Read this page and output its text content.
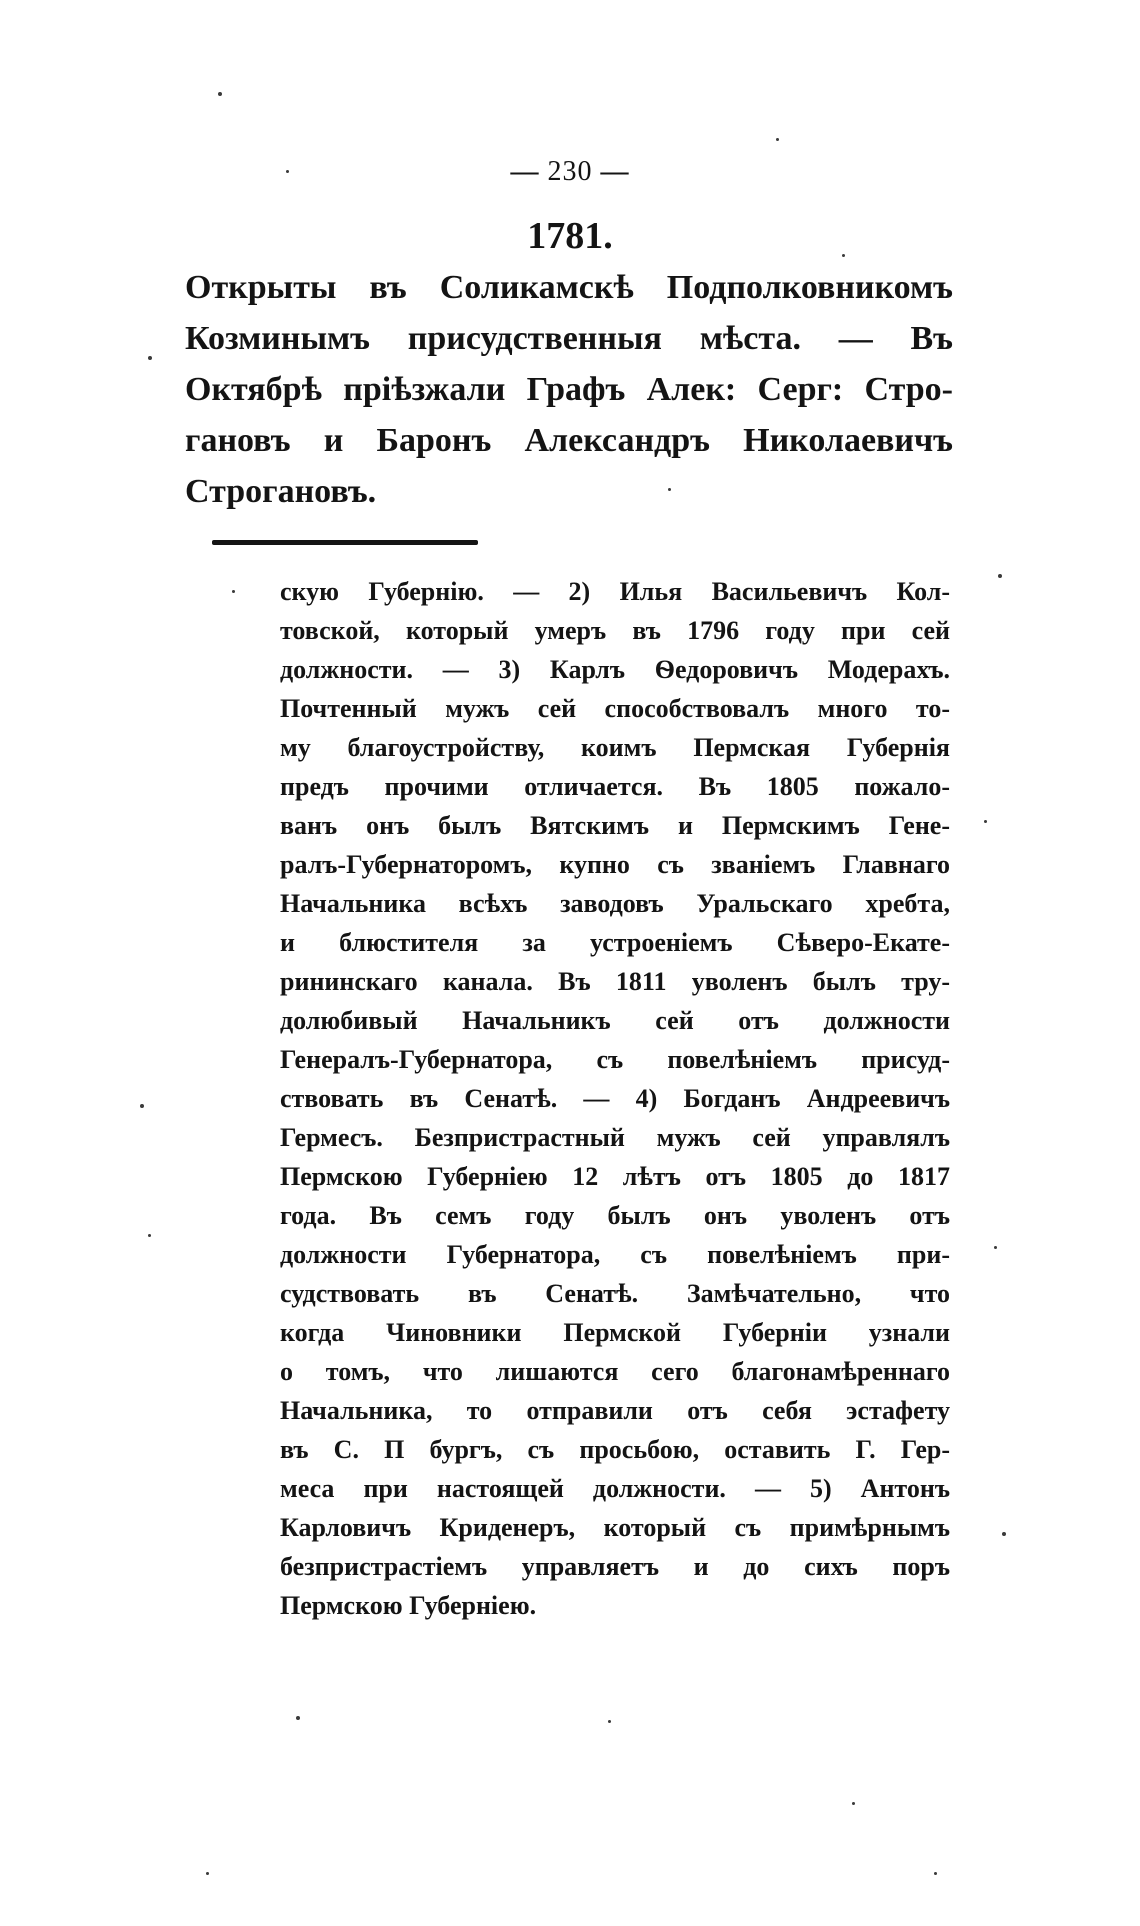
— 230 —
1781.
Открыты въ Соликамскѣ Подполковникомъ
Козминымъ присудственныя мѣста. — Въ
Октябрѣ пріѣзжали Графъ Алек: Серг: Стро-
гановъ и Баронъ Александръ Николаевичъ
Строгановъ.
скую Губернію. — 2) Илья Васильевичъ Кол-
товской, который умеръ въ 1796 году при сей
должности. — 3) Карлъ Ѳедоровичъ Модерахъ.
Почтенный мужъ сей способствовалъ много то-
му благоустройству, коимъ Пермская Губернія
предъ прочими отличается. Въ 1805 пожало-
ванъ онъ былъ Вятскимъ и Пермскимъ Гене-
ралъ-Губернаторомъ, купно съ званіемъ Главнаго
Начальника всѣхъ заводовъ Уральскаго хребта,
и блюстителя за устроеніемъ Сѣверо-Екате-
рининскаго канала. Въ 1811 уволенъ былъ тру-
долюбивый Начальникъ сей отъ должности
Генералъ-Губернатора, съ повелѣніемъ присуд-
ствовать въ Сенатѣ. — 4) Богданъ Андреевичъ
Гермесъ. Безпристрастный мужъ сей управлялъ
Пермскою Губерніею 12 лѣтъ отъ 1805 до 1817
года. Въ семъ году былъ онъ уволенъ отъ
должности Губернатора, съ повелѣніемъ при-
судствовать въ Сенатѣ. Замѣчательно, что
когда Чиновники Пермской Губерніи узнали
о томъ, что лишаются сего благонамѣреннаго
Начальника, то отправили отъ себя эстафету
въ С. П бургъ, съ просьбою, оставить Г. Гер-
меса при настоящей должности. — 5) Антонъ
Карловичъ Криденеръ, который съ примѣрнымъ
безпристрастіемъ управляетъ и до сихъ поръ
Пермскою Губерніею.
